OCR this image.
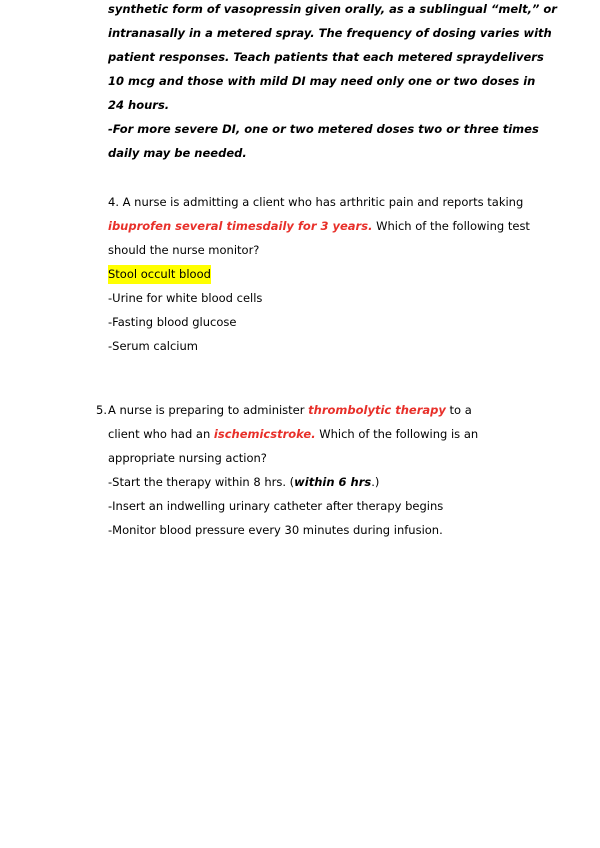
synthetic form of vasopressin given orally, as a sublingual “melt,” or
intranasally in a metered spray. The frequency of dosing varies with
patient responses. Teach patients that each metered spraydelivers
10 mcg and those with mild DI may need only one or two doses in
24 hours.
-For more severe DI, one or two metered doses two or three times
daily may be needed.
4. A nurse is admitting a client who has arthritic pain and reports taking
ibuprofen several timesdaily for 3 years. Which of the following test
should the nurse monitor?
Stool occult blood
-Urine for white blood cells
-Fasting blood glucose
-Serum calcium
5. A nurse is preparing to administer thrombolytic therapy to a
client who had an ischemicstroke. Which of the following is an
appropriate nursing action?
-Start the therapy within 8 hrs. (within 6 hrs.)
-Insert an indwelling urinary catheter after therapy begins
-Monitor blood pressure every 30 minutes during infusion.
